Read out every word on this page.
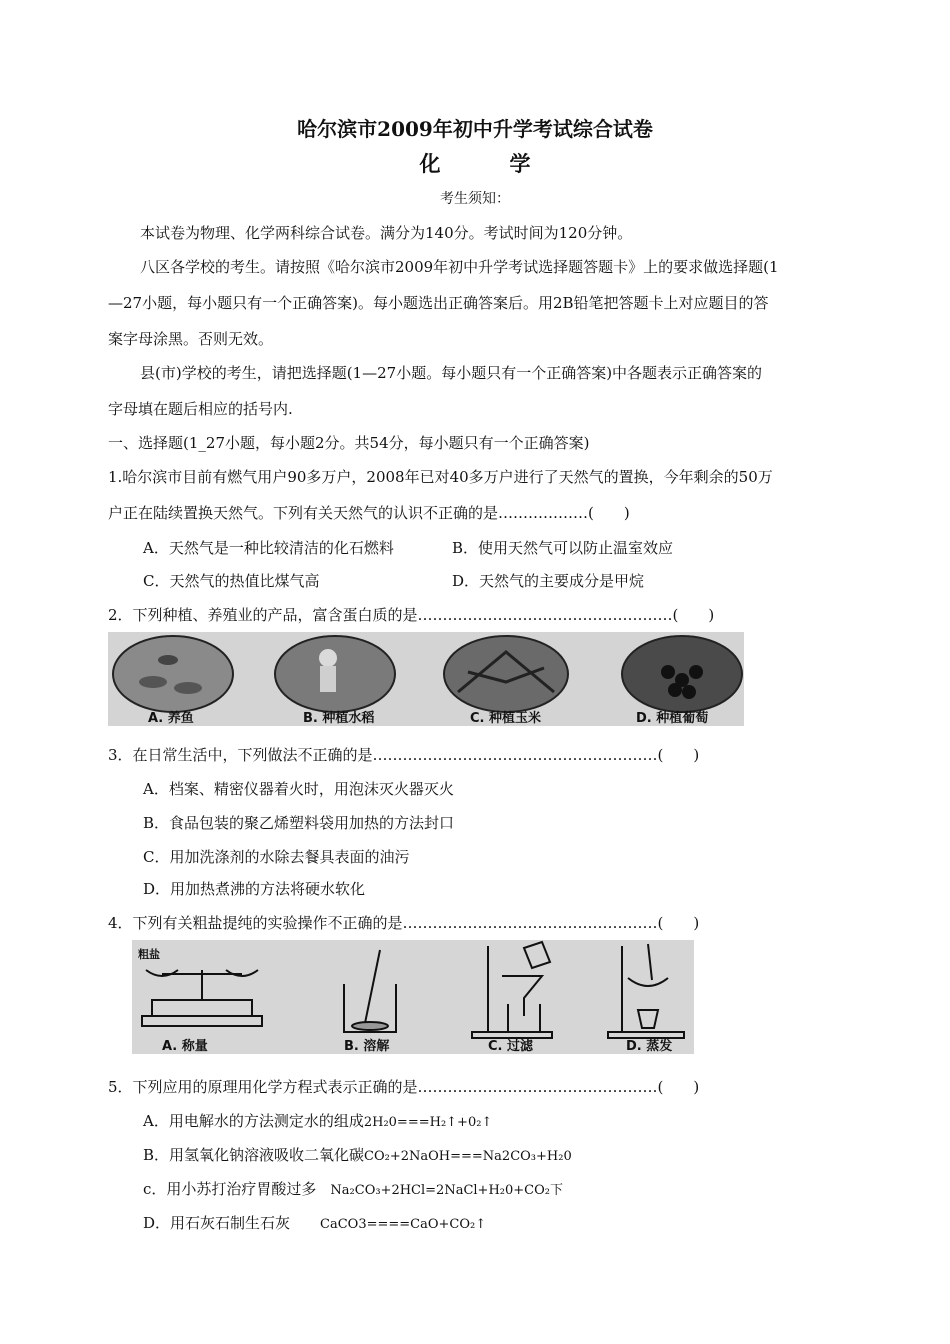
哈尔滨市2009年初中升学考试综合试卷
化　学
考生须知：
本试卷为物理、化学两科综合试卷。满分为140分。考试时间为120分钟。
八区各学校的考生。请按照《哈尔滨市2009年初中升学考试选择题答题卡》上的要求做选择题(1
—27小题，每小题只有一个正确答案)。每小题选出正确答案后。用2B铅笔把答题卡上对应题目的答
案字母涂黑。否则无效。
县(市)学校的考生，请把选择题(1—27小题。每小题只有一个正确答案)中各题表示正确答案的
字母填在题后相应的括号内.
一、选择题(1_27小题，每小题2分。共54分，每小题只有一个正确答案)
1.哈尔滨市目前有燃气用户90多万户，2008年已对40多万户进行了天然气的置换，今年剩余的50万
户正在陆续置换天然气。下列有关天然气的认识不正确的是………………(　　)
A．天然气是一种比较清洁的化石燃料	B．使用天然气可以防止温室效应
C．天然气的热值比煤气高	D．天然气的主要成分是甲烷
2．下列种植、养殖业的产品，富含蛋白质的是……………………………………………(　　)
A. 养鱼	B. 种植水稻	C. 种植玉米	D. 种植葡萄
3．在日常生活中，下列做法不正确的是…………………………………………………(　　)
A．档案、精密仪器着火时，用泡沫灭火器灭火
B．食品包装的聚乙烯塑料袋用加热的方法封口
C．用加洗涤剂的水除去餐具表面的油污
D．用加热煮沸的方法将硬水软化
4．下列有关粗盐提纯的实验操作不正确的是……………………………………………(　　)
粗盐
A. 称量	B. 溶解	C. 过滤	D. 蒸发
5．下列应用的原理用化学方程式表示正确的是…………………………………………(　　)
A．用电解水的方法测定水的组成2H₂0===H₂↑+0₂↑
B．用氢氧化钠溶液吸收二氧化碳CO₂+2NaOH===Na2CO₃+H₂0
c．用小苏打治疗胃酸过多 Na₂CO₃+2HCl=2NaCl+H₂0+CO₂下
D．用石灰石制生石灰 CaCO3====CaO+CO₂↑
